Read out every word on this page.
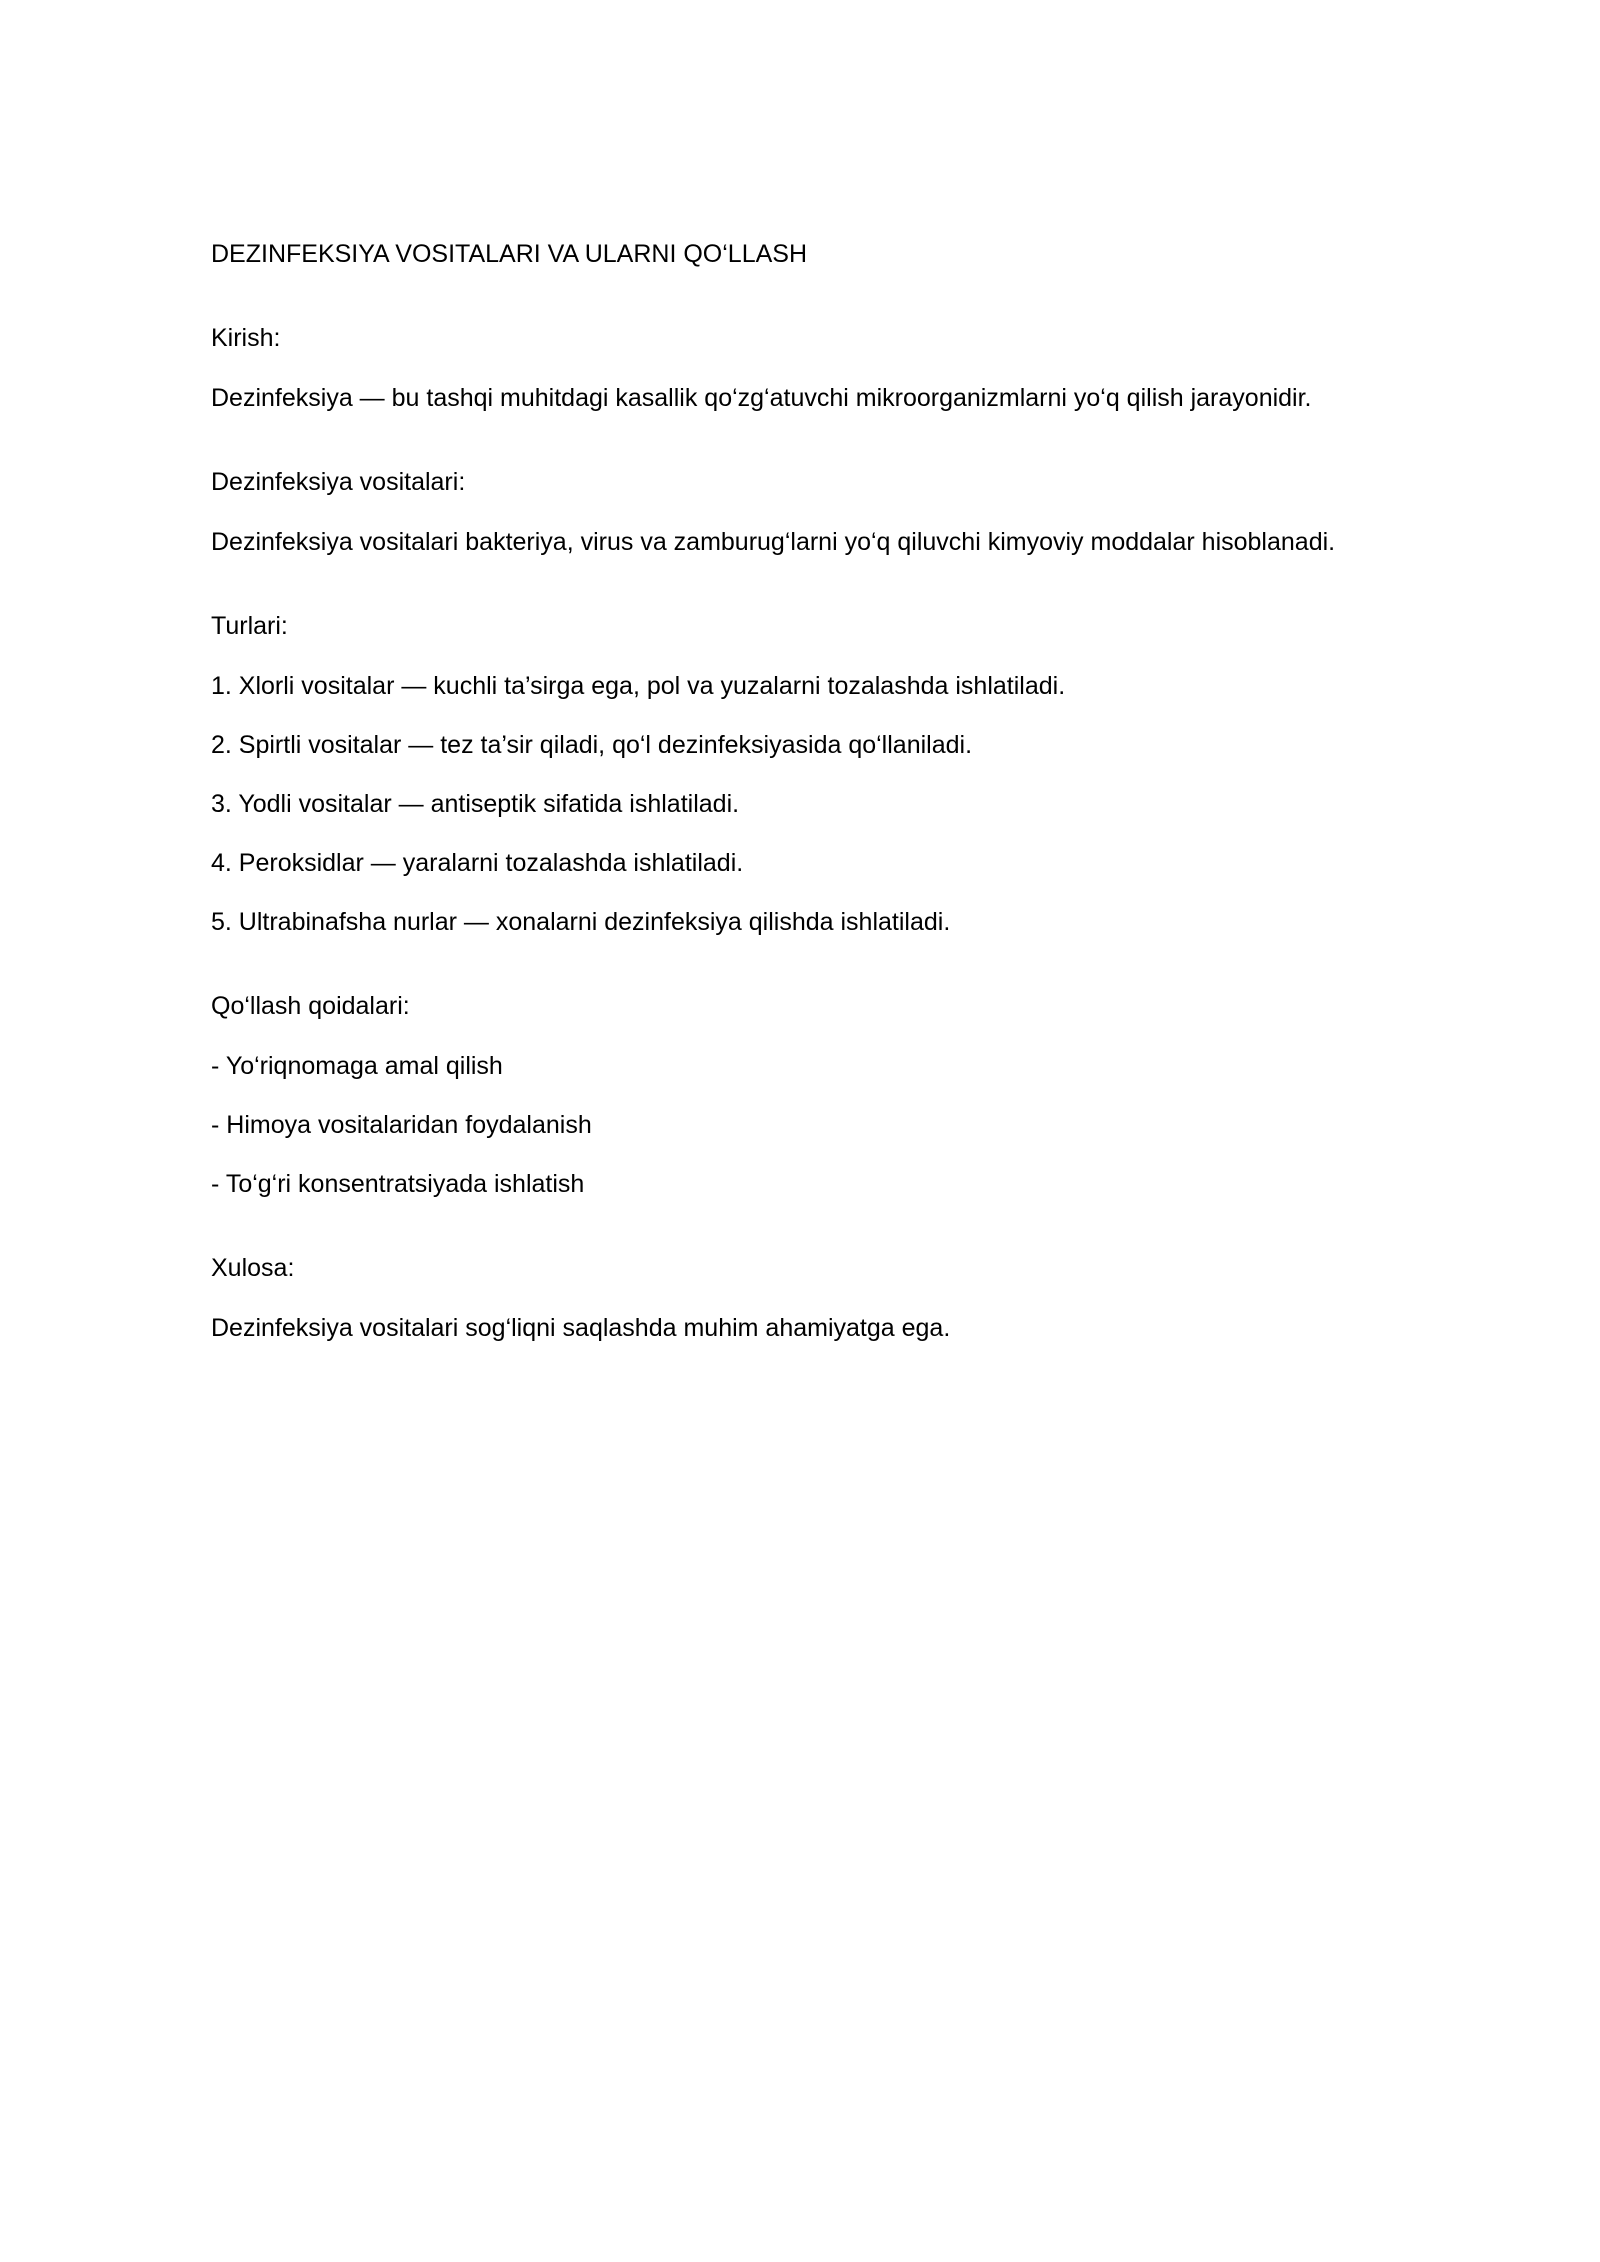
DEZINFEKSIYA VOSITALARI VA ULARNI QO‘LLASH

Kirish:

Dezinfeksiya — bu tashqi muhitdagi kasallik qo‘zg‘atuvchi mikroorganizmlarni yo‘q qilish jarayonidir.

Dezinfeksiya vositalari:

Dezinfeksiya vositalari bakteriya, virus va zamburug‘larni yo‘q qiluvchi kimyoviy moddalar hisoblanadi.

Turlari:

1. Xlorli vositalar — kuchli ta’sirga ega, pol va yuzalarni tozalashda ishlatiladi.

2. Spirtli vositalar — tez ta’sir qiladi, qo‘l dezinfeksiyasida qo‘llaniladi.

3. Yodli vositalar — antiseptik sifatida ishlatiladi.

4. Peroksidlar — yaralarni tozalashda ishlatiladi.

5. Ultrabinafsha nurlar — xonalarni dezinfeksiya qilishda ishlatiladi.

Qo‘llash qoidalari:

- Yo‘riqnomaga amal qilish

- Himoya vositalaridan foydalanish

- To‘g‘ri konsentratsiyada ishlatish

Xulosa:

Dezinfeksiya vositalari sog‘liqni saqlashda muhim ahamiyatga ega.
